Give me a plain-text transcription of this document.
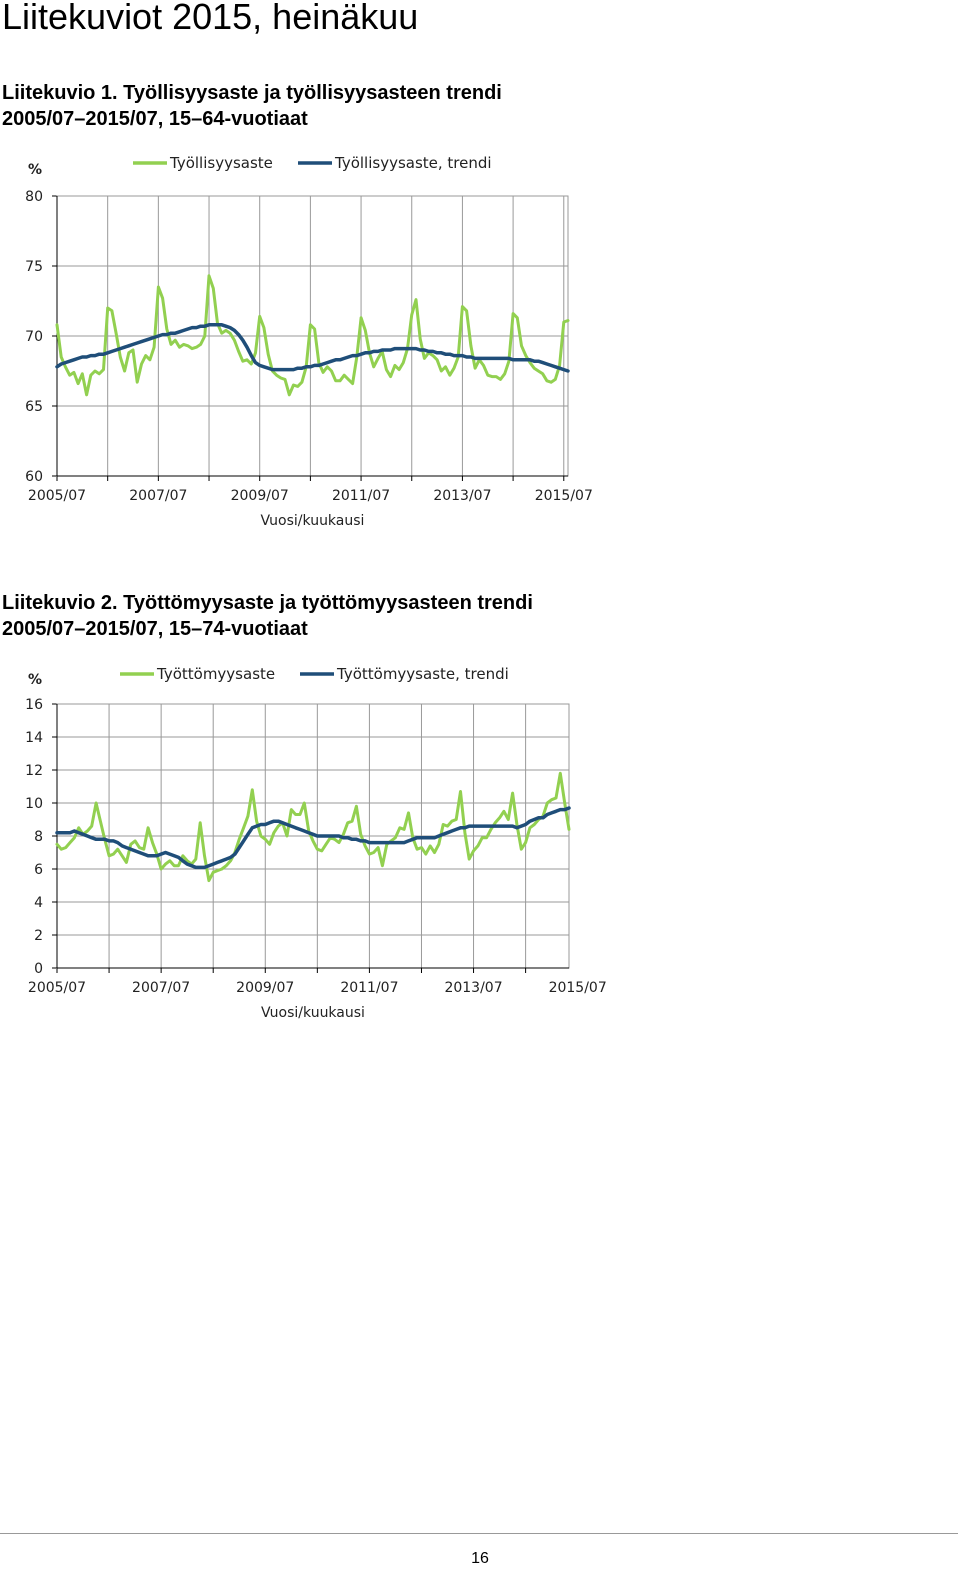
Liitekuviot 2015, heinäkuu
Liitekuvio 1. Työllisyysaste ja työllisyysasteen trendi
2005/07–2015/07, 15–64-vuotiaat
60
65
70
75
80
2005/07	2007/07	2009/07	2011/07	2013/07	2015/07
Vuosi/kuukausi
%	Työllisyysaste	Työllisyysaste, trendi
Liitekuvio 2. Työttömyysaste ja työttömyysasteen trendi
2005/07–2015/07, 15–74-vuotiaat
0
2
4
6
8
10
12
14
16
2005/07	2007/07	2009/07	2011/07	2013/07	2015/07
Vuosi/kuukausi
%	Työttömyysaste	Työttömyysaste, trendi
16
